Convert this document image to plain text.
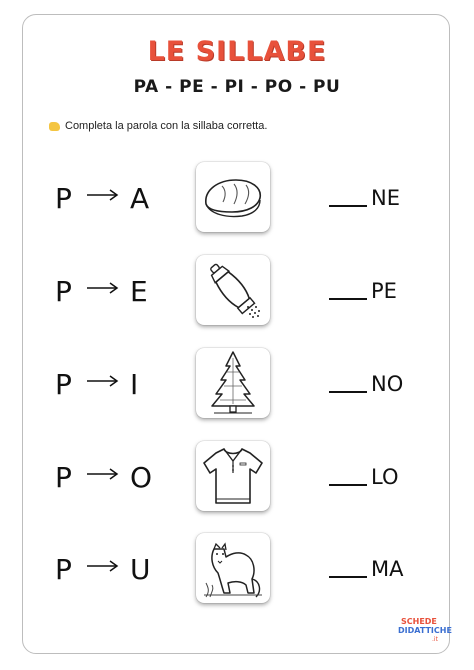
LE SILLABE
PA - PE - PI - PO - PU
Completa la parola con la sillaba corretta.
P A	NE
P E	PE
P I	NO
P O	LO
P U	MA
SCHEDE
DIDATTICHE
.it
